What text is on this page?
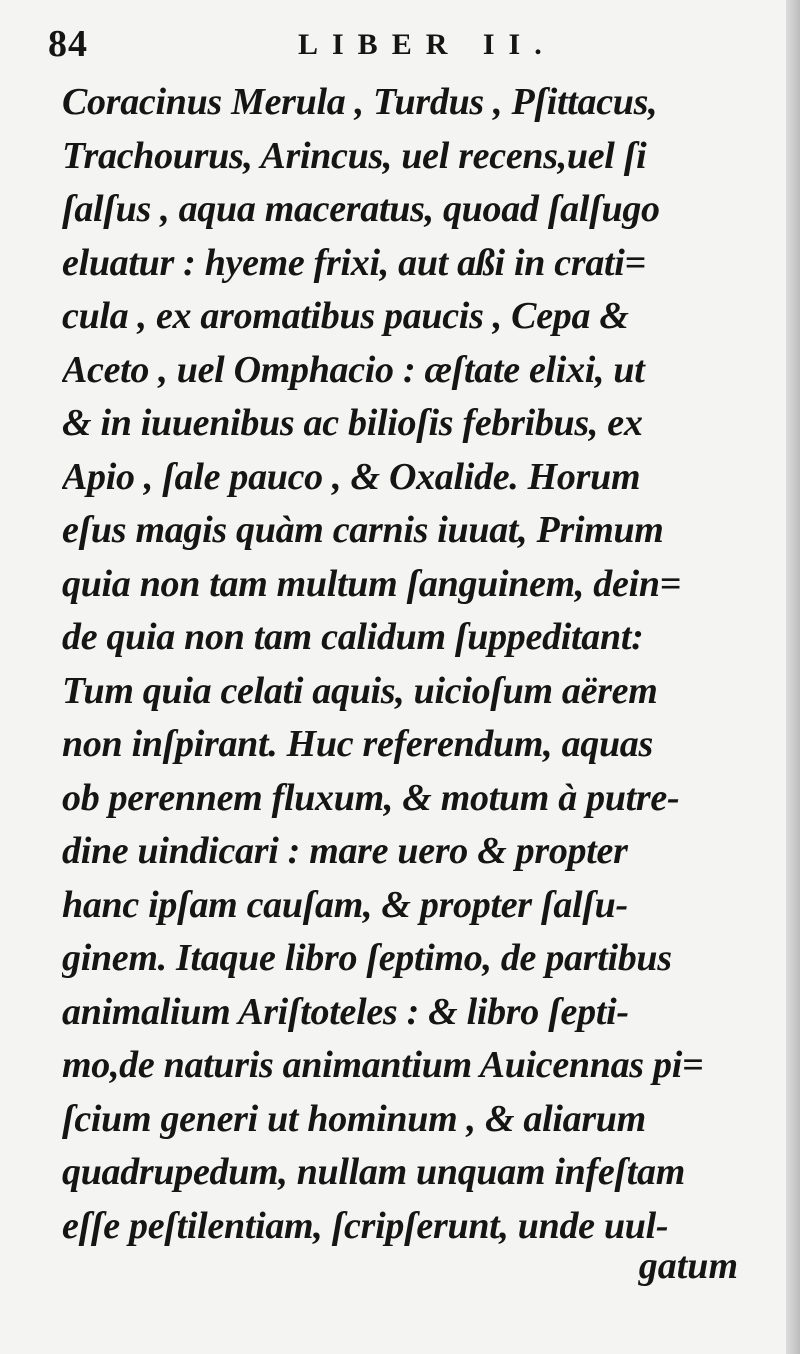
84	LIBER II.
Coracinus Merula , Turdus , Pſittacus,
Trachourus, Arincus, uel recens,uel ſi
ſalſus , aqua maceratus, quoad ſalſugo
eluatur : hyeme frixi, aut aßi in crati=
cula , ex aromatibus paucis , Cepa &
Aceto , uel Omphacio : æſtate elixi, ut
& in iuuenibus ac bilioſis febribus, ex
Apio , ſale pauco , & Oxalide. Horum
eſus magis quàm carnis iuuat, Primum
quia non tam multum ſanguinem, dein=
de quia non tam calidum ſuppeditant:
Tum quia celati aquis, uicioſum aërem
non inſpirant. Huc referendum, aquas
ob perennem fluxum, & motum à putre-
dine uindicari : mare uero & propter
hanc ipſam cauſam, & propter ſalſu-
ginem. Itaque libro ſeptimo, de partibus
animalium Ariſtoteles : & libro ſepti-
mo,de naturis animantium Auicennas pi=
ſcium generi ut hominum , & aliarum
quadrupedum, nullam unquam infeſtam
eſſe peſtilentiam, ſcripſerunt, unde uul-
gatum
